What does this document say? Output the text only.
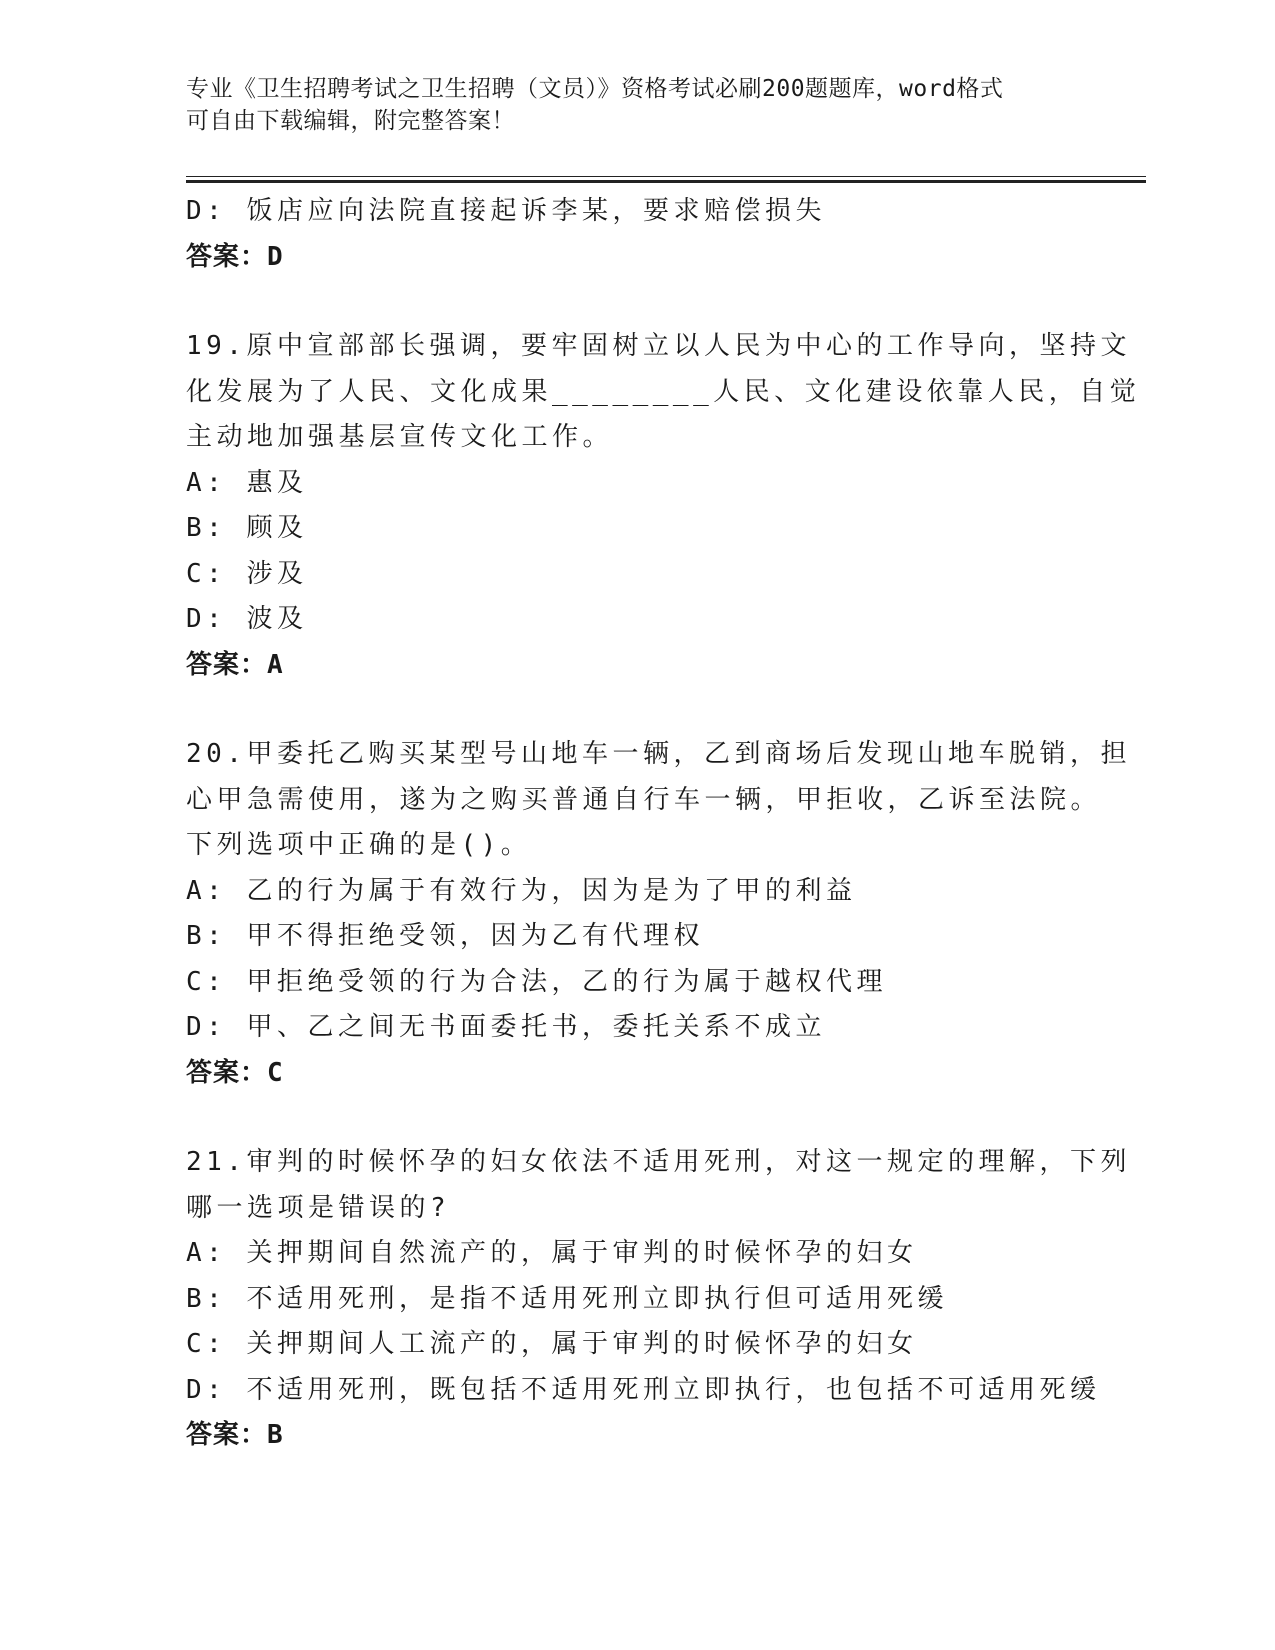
专业《卫生招聘考试之卫生招聘（文员）》资格考试必刷200题题库，word格式
可自由下载编辑，附完整答案！
D: 饭店应向法院直接起诉李某，要求赔偿损失
答案：D
19.原中宣部部长强调，要牢固树立以人民为中心的工作导向，坚持文
化发展为了人民、文化成果________人民、文化建设依靠人民，自觉
主动地加强基层宣传文化工作。
A: 惠及
B: 顾及
C: 涉及
D: 波及
答案：A
20.甲委托乙购买某型号山地车一辆，乙到商场后发现山地车脱销，担
心甲急需使用，遂为之购买普通自行车一辆，甲拒收，乙诉至法院。
下列选项中正确的是()。
A: 乙的行为属于有效行为，因为是为了甲的利益
B: 甲不得拒绝受领，因为乙有代理权
C: 甲拒绝受领的行为合法，乙的行为属于越权代理
D: 甲、乙之间无书面委托书，委托关系不成立
答案：C
21.审判的时候怀孕的妇女依法不适用死刑，对这一规定的理解，下列
哪一选项是错误的?
A: 关押期间自然流产的，属于审判的时候怀孕的妇女
B: 不适用死刑，是指不适用死刑立即执行但可适用死缓
C: 关押期间人工流产的，属于审判的时候怀孕的妇女
D: 不适用死刑，既包括不适用死刑立即执行，也包括不可适用死缓
答案：B
